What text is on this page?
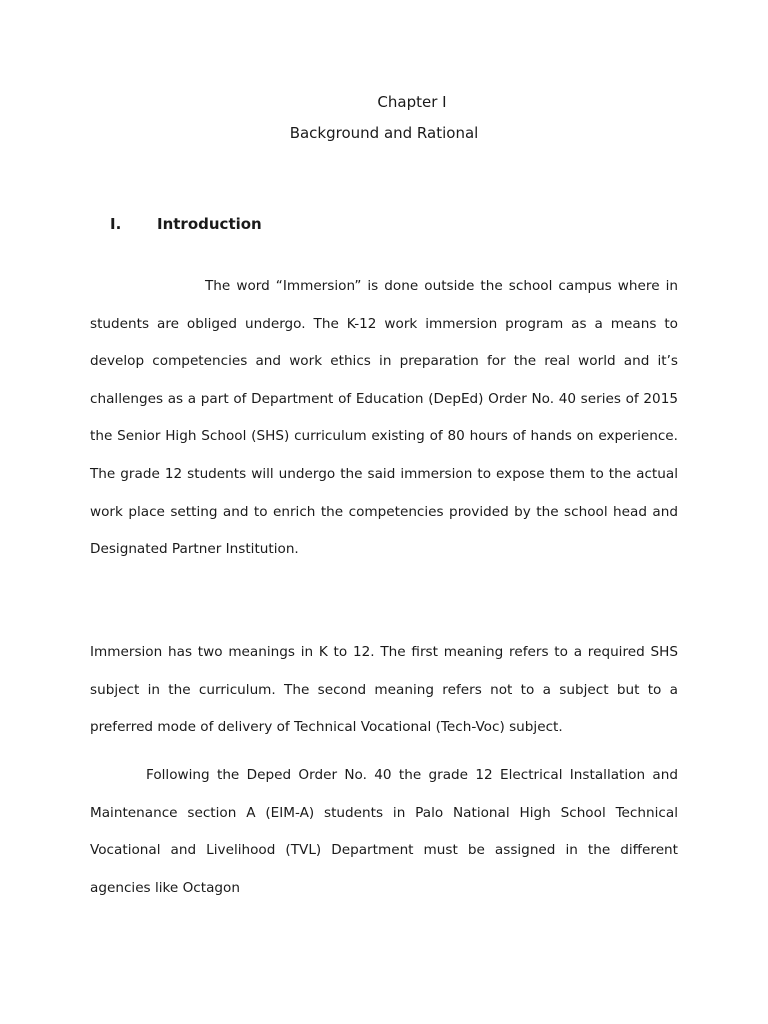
Chapter I
Background and Rational
I. Introduction

The word “Immersion” is done outside the school campus where in students are obliged undergo. The K-12 work immersion program as a means to develop competencies and work ethics in preparation for the real world and it’s challenges as a part of Department of Education (DepEd) Order No. 40 series of 2015 the Senior High School (SHS) curriculum existing of 80 hours of hands on experience. The grade 12 students will undergo the said immersion to expose them to the actual work place setting and to enrich the competencies provided by the school head and Designated Partner Institution.

Immersion has two meanings in K to 12. The first meaning refers to a required SHS subject in the curriculum. The second meaning refers not to a subject but to a preferred mode of delivery of Technical Vocational (Tech-Voc) subject.

Following the Deped Order No. 40 the grade 12 Electrical Installation and Maintenance section A (EIM-A) students in Palo National High School Technical Vocational and Livelihood (TVL) Department must be assigned in the different agencies like Octagon
